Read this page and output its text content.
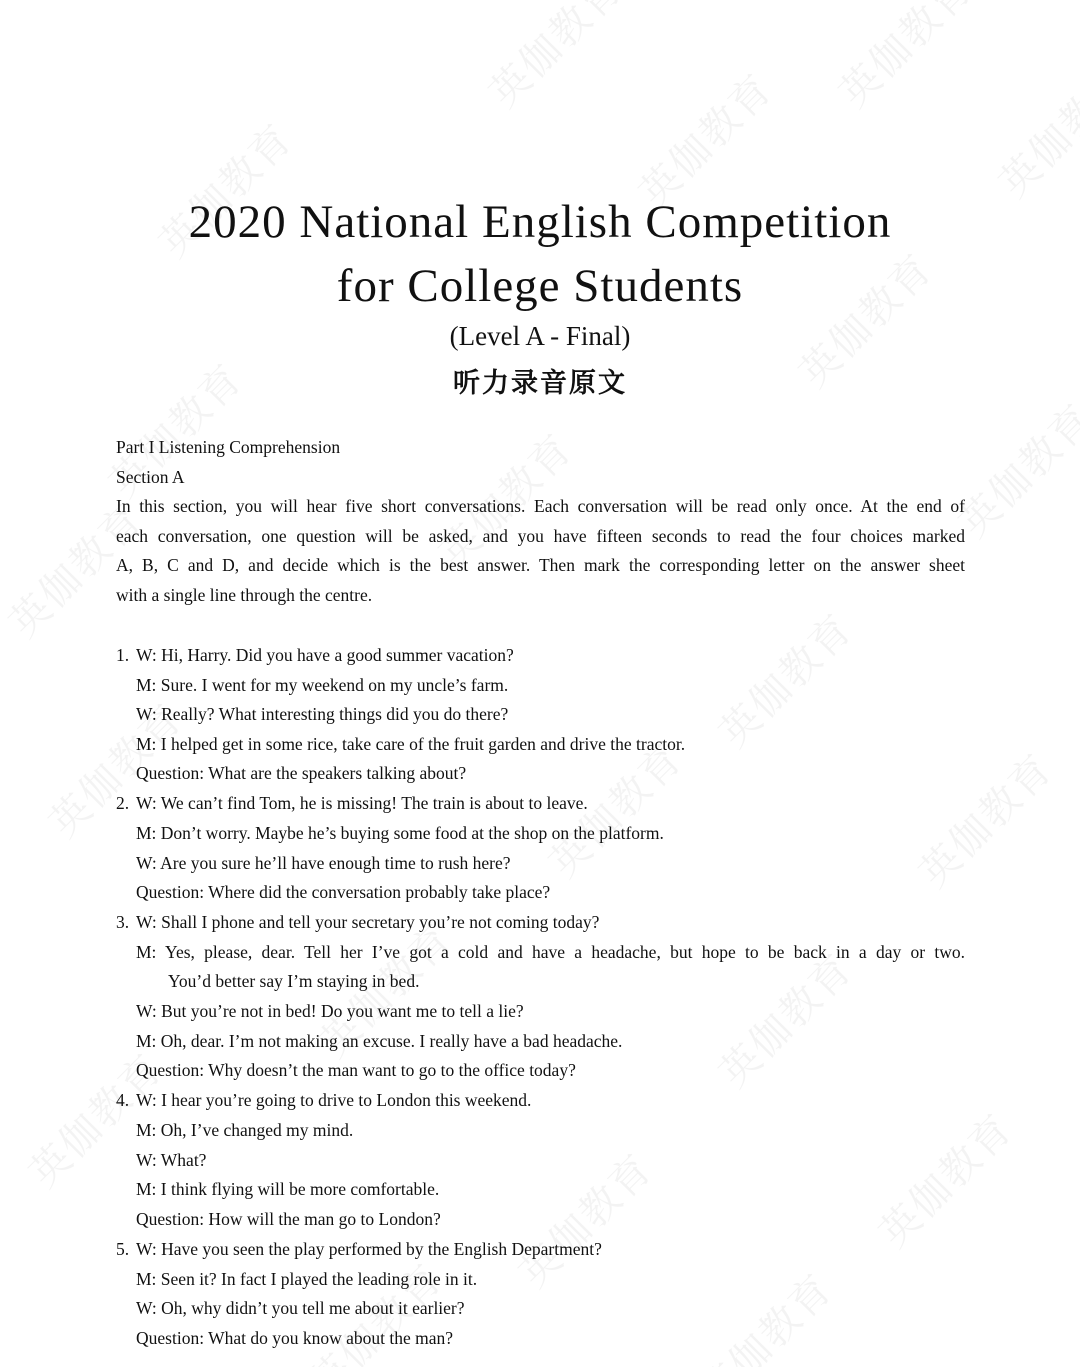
2020 National English Competition
for College Students
(Level A - Final)
听力录音原文
Part I Listening Comprehension
Section A
In this section, you will hear five short conversations. Each conversation will be read only once. At the end of
each conversation, one question will be asked, and you have fifteen seconds to read the four choices marked
A, B, C and D, and decide which is the best answer. Then mark the corresponding letter on the answer sheet
with a single line through the centre.
1. W: Hi, Harry. Did you have a good summer vacation?
M: Sure. I went for my weekend on my uncle’s farm.
W: Really? What interesting things did you do there?
M: I helped get in some rice, take care of the fruit garden and drive the tractor.
Question: What are the speakers talking about?
2. W: We can’t find Tom, he is missing! The train is about to leave.
M: Don’t worry. Maybe he’s buying some food at the shop on the platform.
W: Are you sure he’ll have enough time to rush here?
Question: Where did the conversation probably take place?
3. W: Shall I phone and tell your secretary you’re not coming today?
M: Yes, please, dear. Tell her I’ve got a cold and have a headache, but hope to be back in a day or two.
You’d better say I’m staying in bed.
W: But you’re not in bed! Do you want me to tell a lie?
M: Oh, dear. I’m not making an excuse. I really have a bad headache.
Question: Why doesn’t the man want to go to the office today?
4. W: I hear you’re going to drive to London this weekend.
M: Oh, I’ve changed my mind.
W: What?
M: I think flying will be more comfortable.
Question: How will the man go to London?
5. W: Have you seen the play performed by the English Department?
M: Seen it? In fact I played the leading role in it.
W: Oh, why didn’t you tell me about it earlier?
Question: What do you know about the man?
